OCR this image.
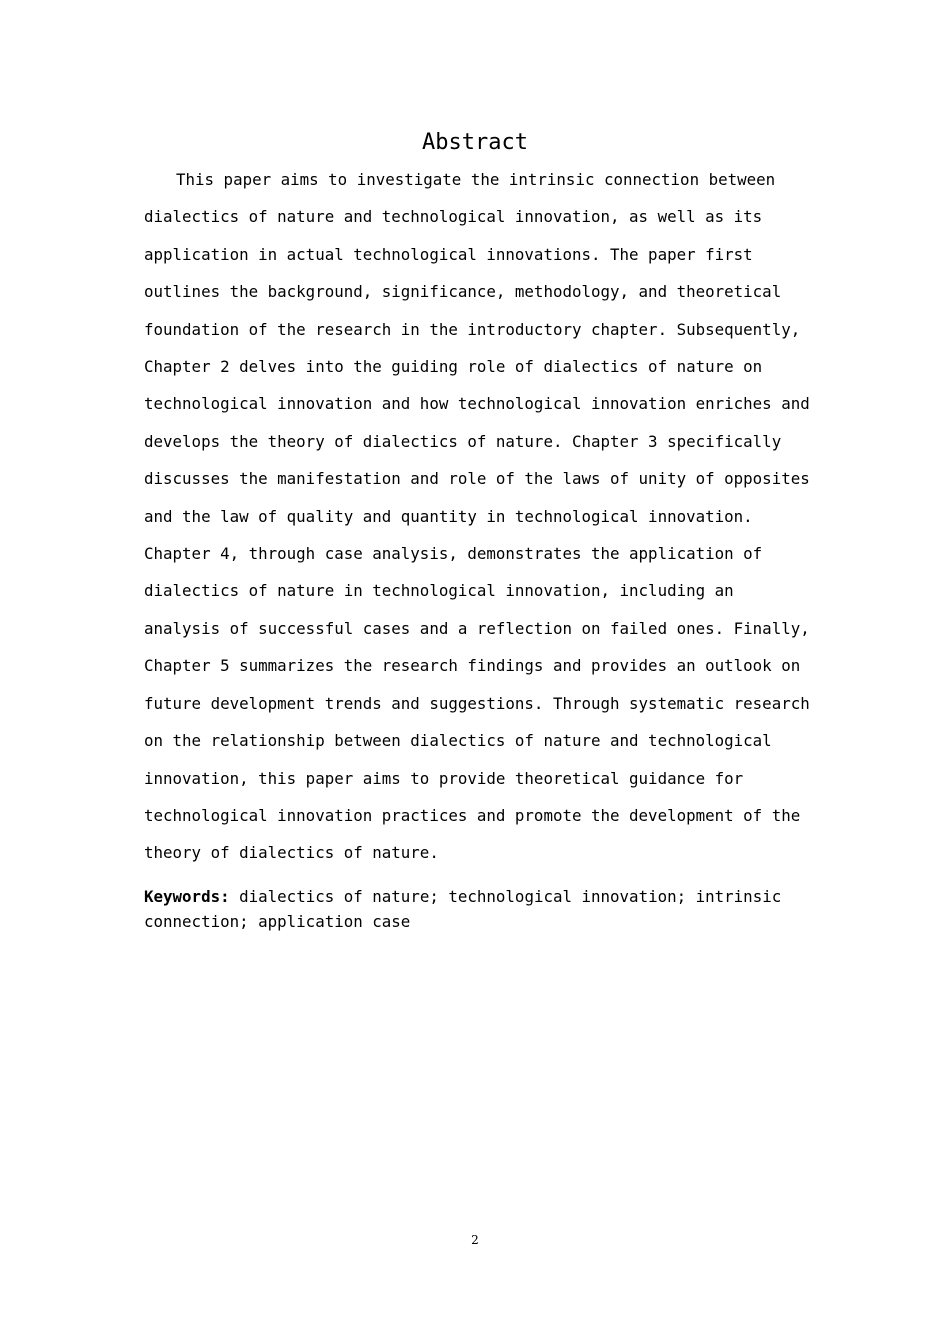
Abstract

This paper aims to investigate the intrinsic connection between dialectics of nature and technological innovation, as well as its application in actual technological innovations. The paper first outlines the background, significance, methodology, and theoretical foundation of the research in the introductory chapter. Subsequently, Chapter 2 delves into the guiding role of dialectics of nature on technological innovation and how technological innovation enriches and develops the theory of dialectics of nature. Chapter 3 specifically discusses the manifestation and role of the laws of unity of opposites and the law of quality and quantity in technological innovation. Chapter 4, through case analysis, demonstrates the application of dialectics of nature in technological innovation, including an analysis of successful cases and a reflection on failed ones. Finally, Chapter 5 summarizes the research findings and provides an outlook on future development trends and suggestions. Through systematic research on the relationship between dialectics of nature and technological innovation, this paper aims to provide theoretical guidance for technological innovation practices and promote the development of the theory of dialectics of nature.

Keywords: dialectics of nature; technological innovation; intrinsic connection; application case

2
